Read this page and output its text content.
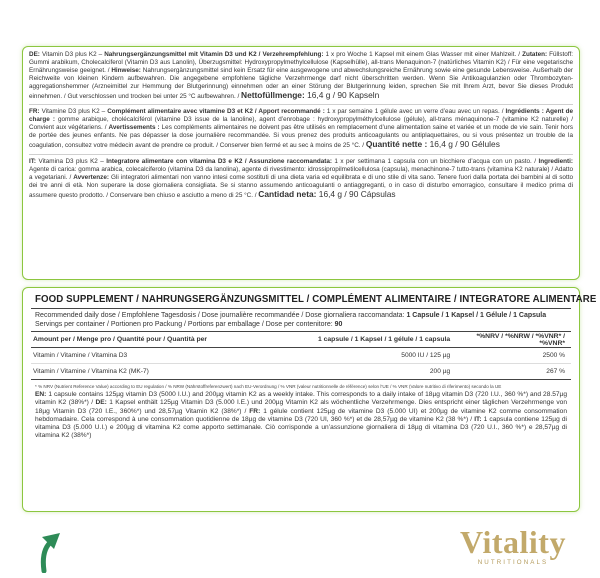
DE: Vitamin D3 plus K2 – Nahrungsergänzungsmittel mit Vitamin D3 und K2 / Verzehrempfehlung: 1 x pro Woche 1 Kapsel mit einem Glas Wasser mit einer Mahlzeit. / Zutaten: Füllstoff: Gummi arabikum, Cholecalciferol (Vitamin D3 aus Lanolin), Überzugsmittel: Hydroxypropylmethylcellulose (Kapselhülle), all-trans Menaquinon-7 (natürliches Vitamin K2) / Für eine vegetarische Ernährungsweise geeignet. / Hinweise: Nahrungsergänzungsmittel sind kein Ersatz für eine ausgewogene und abwechslungsreiche Ernährung sowie eine gesunde Lebensweise. Außerhalb der Reichweite von kleinen Kindern aufbewahren. Die angegebene empfohlene tägliche Verzehrmenge darf nicht überschritten werden. Wenn Sie Antikoagulanzien oder Thrombozyten-aggregationshemmer (Arzneimittel zur Hemmung der Blutgerinnung) einnehmen oder an einer Störung der Blutgerinnung leiden, sprechen Sie mit Ihrem Arzt, bevor Sie dieses Produkt einnehmen. / Gut verschlossen und trocken bei unter 25 °C aufbewahren. / Nettofüllmenge: 16,4 g / 90 Kapseln

FR: Vitamine D3 plus K2 – Complément alimentaire avec vitamine D3 et K2 / Apport recommandé : 1 x par semaine 1 gélule avec un verre d’eau avec un repas. / Ingrédients : Agent de charge : gomme arabique, cholécalciférol (vitamine D3 issue de la lanoline), agent d’enrobage : hydroxypropylméthylcellulose (gélule), all-trans ménaquinone-7 (vitamine K2 naturelle) / Convient aux végétariens. / Avertissements : Les compléments alimentaires ne doivent pas être utilisés en remplacement d’une alimentation saine et variée et un mode de vie sain. Tenir hors de portée des jeunes enfants. Ne pas dépasser la dose journalière recommandée. Si vous prenez des produits anticoagulants ou antiplaquettaires, ou si vous présentez un trouble de la coagulation, consultez votre médecin avant de prendre ce produit. / Conserver bien fermé et au sec à moins de 25 °C. / Quantité nette : 16,4 g / 90 Gélules

IT: Vitamina D3 plus K2 – Integratore alimentare con vitamina D3 e K2 / Assunzione raccomandata: 1 x per settimana 1 capsula con un bicchiere d’acqua con un pasto. / Ingredienti: Agente di carica: gomma arabica, colecalciferolo (vitamina D3 da lanolina), agente di rivestimento: idrossipropilmetilcellulosa (capsula), menachinone-7 tutto-trans (vitamina K2 naturale) / Adatto a vegetariani. / Avvertenze: Gli integratori alimentari non vanno intesi come sostituti di una dieta varia ed equilibrata e di uno stile di vita sano. Tenere fuori dalla portata dei bambini al di sotto dei tre anni di età. Non superare la dose giornaliera consigliata. Se si stanno assumendo anticoagulanti o antiaggreganti, o in caso di disturbo emorragico, consultare il medico prima di assumere questo prodotto. / Conservare ben chiuso e asciutto a meno di 25 °C. / Cantidad neta: 16,4 g / 90 Cápsulas

FOOD SUPPLEMENT / NAHRUNGSERGÄNZUNGSMITTEL / COMPLÉMENT ALIMENTAIRE / INTEGRATORE ALIMENTARE
Recommended daily dose / Empfohlene Tagesdosis / Dose journalière recommandée / Dose giornaliera raccomandata: 1 Capsule / 1 Kapsel / 1 Gélule / 1 Capsula
Servings per container / Portionen pro Packung / Portions par emballage / Dose per contenitore: 90
Amount per / Menge pro / Quantité pour / Quantità per	1 capsule / 1 Kapsel / 1 gélule / 1 capsula	*%NRV / *%NRW / *%VNR* / *%VNR*
Vitamin / Vitamine / Vitamina D3	5000 IU / 125 µg	2500 %
Vitamin / Vitamine / Vitamina K2 (MK-7)	200 µg	267 %
* % NRV (Nutrient Reference Value) according to EU regulation / % NRW (Nährstoffreferenzwert) nach EU-Verordnung / % VNR (valeur nutritionnelle de référence) selon l’UE / % VNR (Valore nutritivo di riferimento) secondo la UE
EN: 1 capsule contains 125µg vitamin D3 (5000 I.U.) and 200µg vitamin K2 as a weekly intake. This corresponds to a daily intake of 18µg vitamin D3 (720 I.U., 360 %*) and 28.57µg vitamin K2 (38%*) / DE: 1 Kapsel enthält 125µg Vitamin D3 (5.000 I.E.) und 200µg Vitamin K2 als wöchentliche Verzehrmenge. Dies entspricht einer täglichen Verzehrmenge von 18µg Vitamin D3 (720 I.E., 360%*) und 28,57µg Vitamin K2 (38%*) / FR: 1 gélule contient 125µg de vitamine D3 (5.000 UI) et 200µg de vitamine K2 comme consommation hebdomadaire. Cela correspond à une consommation quotidienne de 18µg de vitamine D3 (720 UI, 360 %*) et de 28,57µg de vitamine K2 (38 %*) / IT: 1 capsula contiene 125µg di vitamina D3 (5.000 U.I.) e 200µg di vitamina K2 come apporto settimanale. Ciò corrisponde a un’assunzione giornaliera di 18µg di vitamina D3 (720 U.I., 360 %*) e 28,57µg di vitamina K2 (38%*)
Vitality
NUTRITIONALS
